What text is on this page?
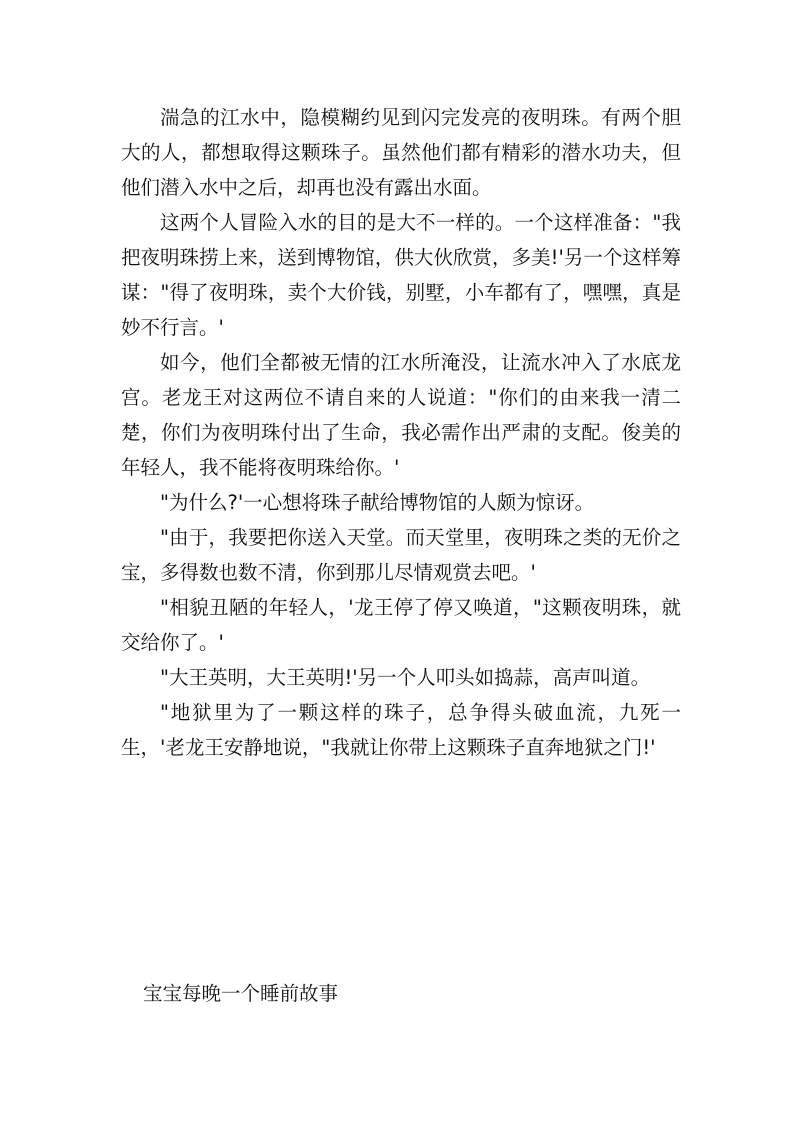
湍急的江水中，隐模糊约见到闪完发亮的夜明珠。有两个胆大的人，都想取得这颗珠子。虽然他们都有精彩的潜水功夫，但他们潜入水中之后，却再也没有露出水面。

这两个人冒险入水的目的是大不一样的。一个这样准备："我把夜明珠捞上来，送到博物馆，供大伙欣赏，多美!'另一个这样筹谋："得了夜明珠，卖个大价钱，别墅，小车都有了，嘿嘿，真是妙不行言。'

如今，他们全都被无情的江水所淹没，让流水冲入了水底龙宫。老龙王对这两位不请自来的人说道："你们的由来我一清二楚，你们为夜明珠付出了生命，我必需作出严肃的支配。俊美的年轻人，我不能将夜明珠给你。'

"为什么?'一心想将珠子献给博物馆的人颇为惊讶。

"由于，我要把你送入天堂。而天堂里，夜明珠之类的无价之宝，多得数也数不清，你到那儿尽情观赏去吧。'

"相貌丑陋的年轻人，'龙王停了停又唤道，"这颗夜明珠，就交给你了。'

"大王英明，大王英明!'另一个人叩头如捣蒜，高声叫道。

"地狱里为了一颗这样的珠子，总争得头破血流，九死一生，'老龙王安静地说，"我就让你带上这颗珠子直奔地狱之门!'

宝宝每晚一个睡前故事
